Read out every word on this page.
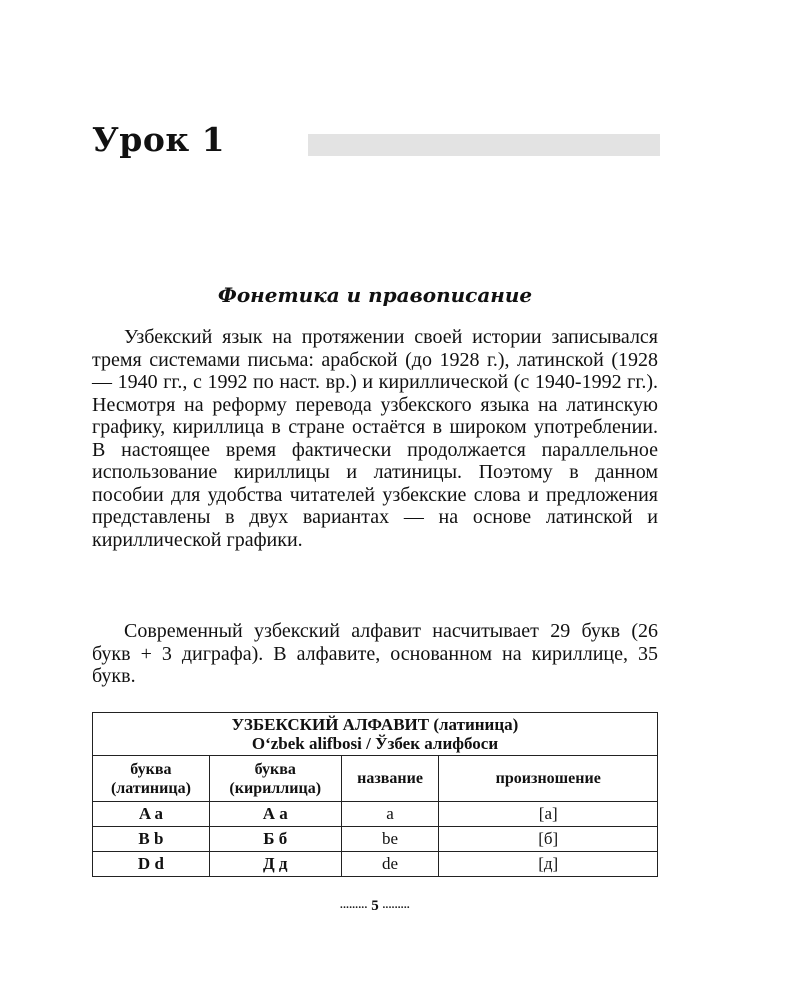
Урок 1
Фонетика и правописание

Узбекский язык на протяжении своей истории записывался тремя системами письма: арабской (до 1928 г.), латинской (1928 — 1940 гг., с 1992 по наст. вр.) и кириллической (с 1940-1992 гг.). Несмотря на реформу перевода узбекского языка на латинскую графику, кириллица в стране остаётся в широком употреблении. В настоящее время фактически продолжается параллельное использование кириллицы и латиницы. Поэтому в данном пособии для удобства читателей узбекские слова и предложения представлены в двух вариантах — на основе латинской и кириллической графики.

Современный узбекский алфавит насчитывает 29 букв (26 букв + 3 диграфа). В алфавите, основанном на кириллице, 35 букв.

УЗБЕКСКИЙ АЛФАВИТ (латиница)
O‘zbek alifbosi / Ўзбек алифбоси			

буква (латиница)	буква (кириллица)	название	произношение
A a	А а	a	[а]
B b	Б б	be	[б]
D d	Д д	de	[д]
......... 5 .........
